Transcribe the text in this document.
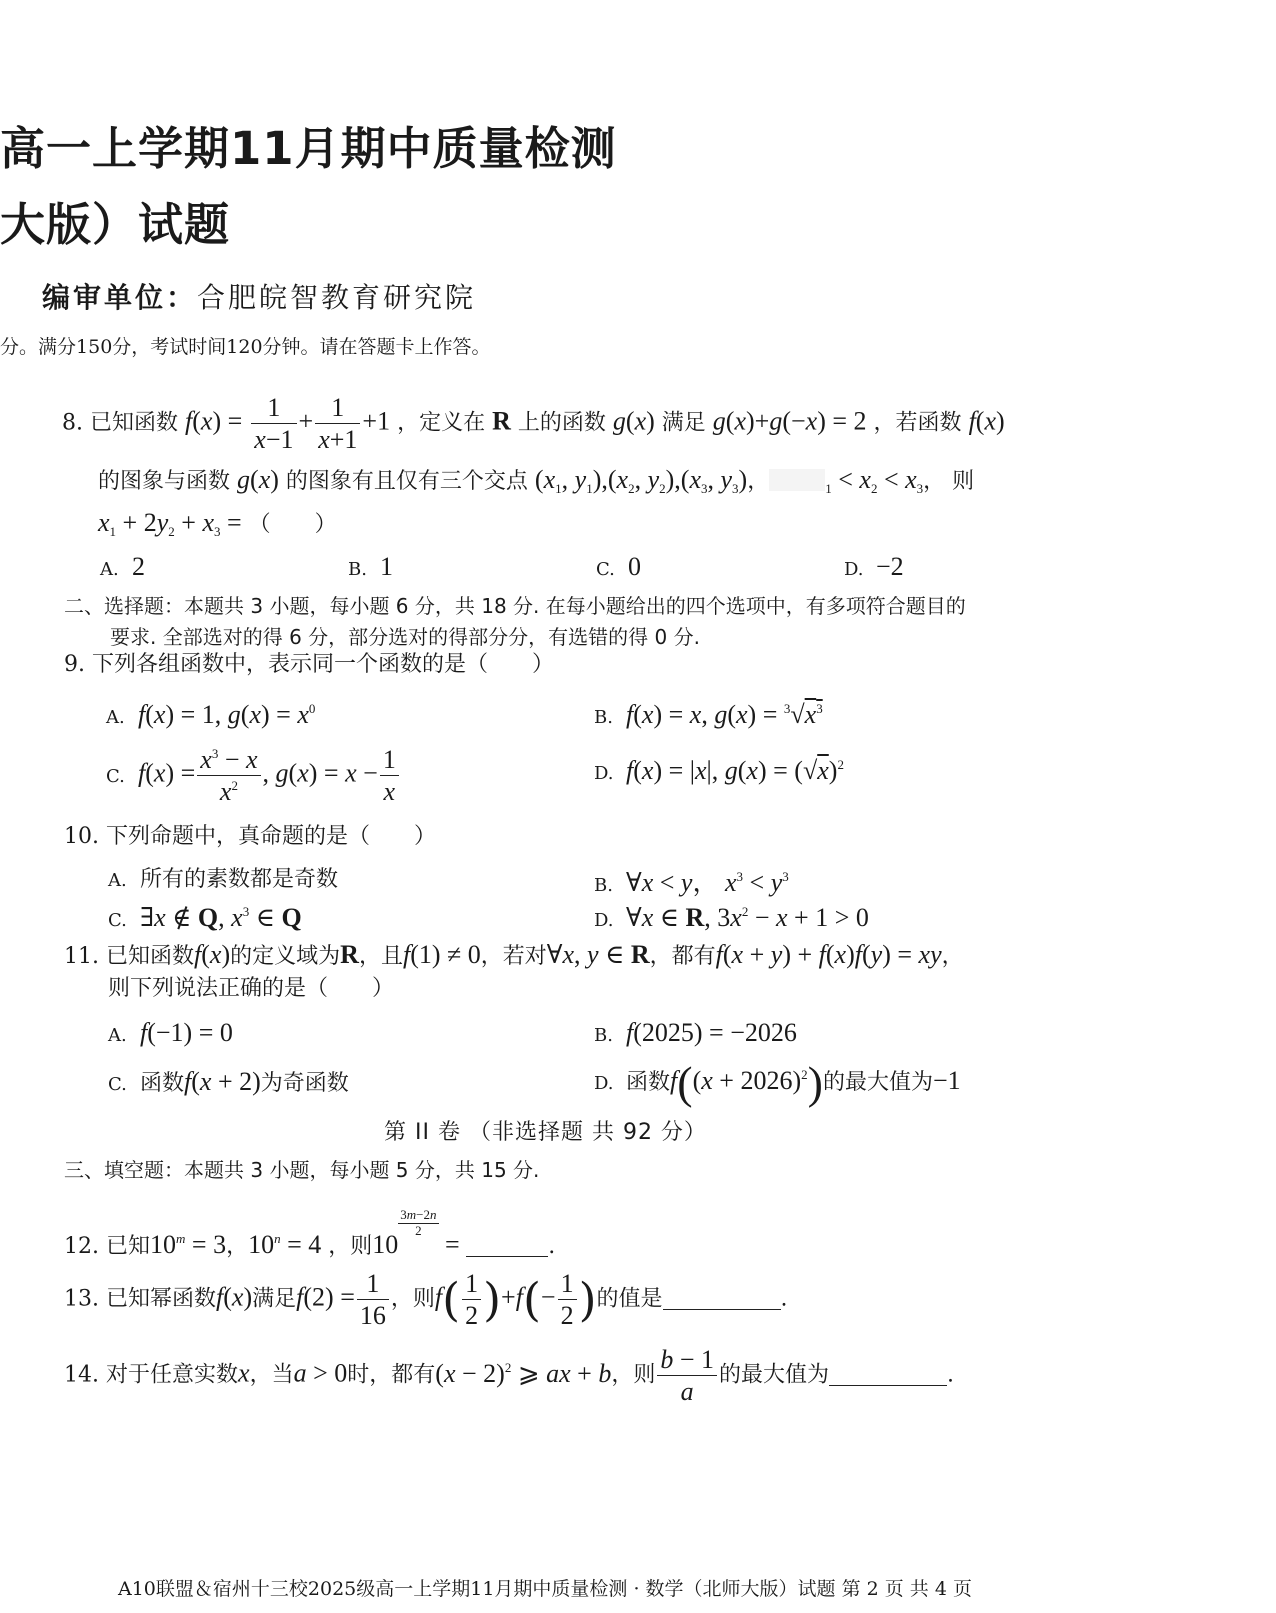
高一上学期11月期中质量检测
大版）试题
编审单位：合肥皖智教育研究院
分。满分150分，考试时间120分钟。请在答题卡上作答。
8. 已知函数 $f(x) = \frac{1}{x-1} + \frac{1}{x+1} +1$ ，定义在 R 上的函数 g(x) 满足 g(x)+g(−x) = 2 ，若函数 f(x)
的图象与函数 g(x) 的图象有且仅有三个交点 ($x_1$, $y_1),(x_2$, $y_2),(x_3$, $y_3$)，	$_1 < x_2 < x_3$， 则
$x_1 + 2y_2 + x_3$ = （　　）
A. 2	B. 1	C. 0	D. −2
二、选择题：本题共 3 小题，每小题 6 分，共 18 分. 在每小题给出的四个选项中，有多项符合题目的
要求. 全部选对的得 6 分，部分选对的得部分分，有选错的得 0 分.
9. 下列各组函数中，表示同一个函数的是（　　）
A. f(x) = 1, $g(x) = x^0$	B. f(x) = x, $g(x) = ^3√x^3$
C. $f(x) = \frac{x^3 - x}{x^2}$ , $g(x) = x - \frac{1}{x}$	D. f(x) = |x|, $g(x) = (√x)^2$
10. 下列命题中，真命题的是（　　）
A. 所有的素数都是奇数	B. ∀x < y， $x^3 < y^3$
C. ∃x ∉ Q, $x^3$ ∈ Q	D. ∀x ∈ R, $3x^2 - x + 1 > 0$
11. 已知函数f(x)的定义域为R，且f(1) ≠ 0，若对∀x, y ∈ R，都有f(x + y) + f(x)f(y) = xy，
则下列说法正确的是（　　）
A. f(−1) = 0	B. f(2025) = −2026
C. 函数f(x + 2)为奇函数	D. 函数$f((x + 2026)^2)$的最大值为−1
第 II 卷 （非选择题 共 92 分）
三、填空题：本题共 3 小题，每小题 5 分，共 15 分.
12. 已知$10^m = 3$，$10^n = 4$ ，则10
$\frac{3m-2n}{2}$
=	.
13. 已知幂函数f(x)满足$f(2) = \frac{1}{16}$ ，则$f( \frac{1}{2} )+f(- \frac{1}{2}$ )的值是	.
14. 对于任意实数x，当a > 0时，都有$(x - 2)^2$ ⩾ ax + b，则 $\frac{b - 1}{a}$ 的最大值为	.
A10联盟＆宿州十三校2025级高一上学期11月期中质量检测 · 数学（北师大版）试题 第 2 页 共 4 页
